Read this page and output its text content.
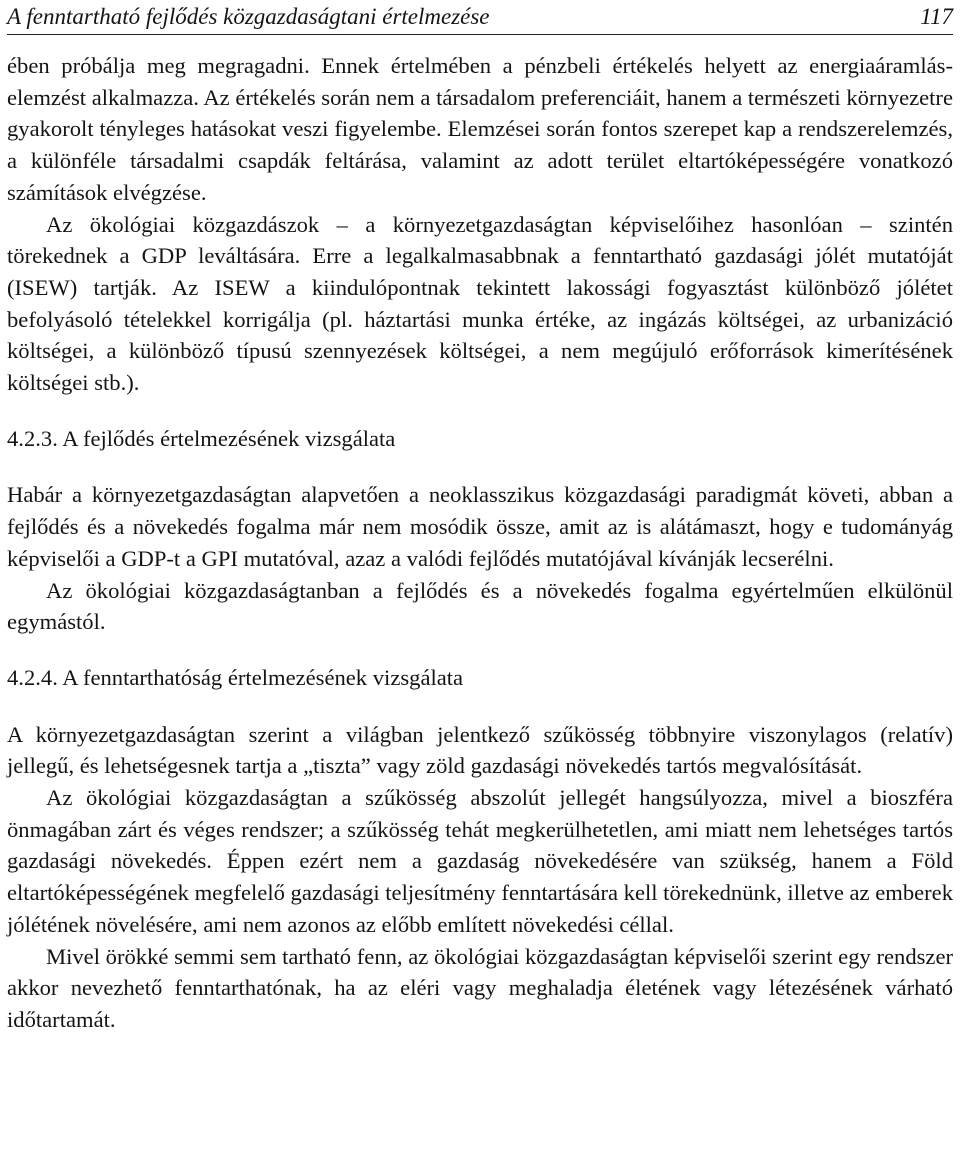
A fenntartható fejlődés közgazdaságtani értelmezése	117

ében próbálja meg megragadni. Ennek értelmében a pénzbeli értékelés helyett az energiaáramlás-elemzést alkalmazza. Az értékelés során nem a társadalom preferenciáit, hanem a természeti környezetre gyakorolt tényleges hatásokat veszi figyelembe. Elemzései során fontos szerepet kap a rendszerelemzés, a különféle társadalmi csapdák feltárása, valamint az adott terület eltartóképességére vonatkozó számítások elvégzése.

Az ökológiai közgazdászok – a környezetgazdaságtan képviselőihez hasonlóan – szintén törekednek a GDP leváltására. Erre a legalkalmasabbnak a fenntartható gazdasági jólét mutatóját (ISEW) tartják. Az ISEW a kiindulópontnak tekintett lakossági fogyasztást különböző jólétet befolyásoló tételekkel korrigálja (pl. háztartási munka értéke, az ingázás költségei, az urbanizáció költségei, a különböző típusú szennyezések költségei, a nem megújuló erőforrások kimerítésének költségei stb.).

4.2.3. A fejlődés értelmezésének vizsgálata

Habár a környezetgazdaságtan alapvetően a neoklasszikus közgazdasági paradigmát követi, abban a fejlődés és a növekedés fogalma már nem mosódik össze, amit az is alátámaszt, hogy e tudományág képviselői a GDP-t a GPI mutatóval, azaz a valódi fejlődés mutatójával kívánják lecserélni.

Az ökológiai közgazdaságtanban a fejlődés és a növekedés fogalma egyértelműen elkülönül egymástól.

4.2.4. A fenntarthatóság értelmezésének vizsgálata

A környezetgazdaságtan szerint a világban jelentkező szűkösség többnyire viszonylagos (relatív) jellegű, és lehetségesnek tartja a „tiszta” vagy zöld gazdasági növekedés tartós megvalósítását.

Az ökológiai közgazdaságtan a szűkösség abszolút jellegét hangsúlyozza, mivel a bioszféra önmagában zárt és véges rendszer; a szűkösség tehát megkerülhetetlen, ami miatt nem lehetséges tartós gazdasági növekedés. Éppen ezért nem a gazdaság növekedésére van szükség, hanem a Föld eltartóképességének megfelelő gazdasági teljesítmény fenntartására kell törekednünk, illetve az emberek jólétének növelésére, ami nem azonos az előbb említett növekedési céllal.

Mivel örökké semmi sem tartható fenn, az ökológiai közgazdaságtan képviselői szerint egy rendszer akkor nevezhető fenntarthatónak, ha az eléri vagy meghaladja életének vagy létezésének várható időtartamát.
